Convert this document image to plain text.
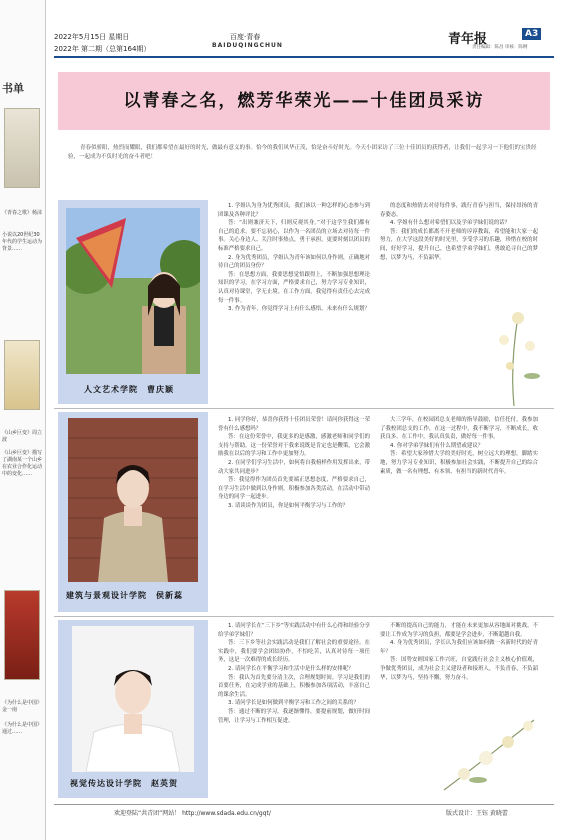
书单
《青春之歌》杨沫
小说以20世纪30年代的学生运动为背景……
《山乡巨变》周立波
《山乡巨变》描写了湖南某一个山乡在农业合作化运动中的变化……
《为什么是中国》金一南
《为什么是中国》通过……
2022年5月15日 星期日
2022年 第二期（总第164期）
百度·青春
BAIDUQINGCHUN	青年报	A3
责任编辑：陈昌 审核：陈纲
以青春之名，燃芳华荣光——十佳团员采访
青春似骄阳，热烈而耀眼，我们都希望在最好的时光，做最有意义的事。恰今的我们风华正茂，恰是奋斗好时光。今天小团采访了三位十佳团员的获得者，让我们一起学习一下他们的宝贵经验，一起成为不负时光的奋斗者吧！
人文艺术学院　曹庆颖

1. 学姐认为身为优秀团员，我们该以一种怎样的心态参与到团课及各种评比？

答：“出则兼济天下，归则反观其身。”对于这学生我们都有自己的追求，要不忘初心，以作为一名团员的立场去对待每一件事。关心身边人、关注时事热点，勇于承担，更要时刻以团员的标准严格要求自己。

2. 身为优秀团员，学姐认为青年该如何以身作则，正确地对待自己的团员身份？

答：在思想方面，我要思想觉悟跟得上，不断加强思想理论知识的学习，在学习方面，严格要求自己，努力学习专业知识，认真对待课堂，学无止境。在工作方面，我觉得有责任心去完成每一件事。

3. 作为青年，你觉得学习上有什么感悟，未来有什么规划？

的态度和热情去对待每件事，践行青春与担当，保持昂扬的青春姿态。

4. 学姐有什么想对希望们以及学弟学妹们说的话？

答：我们的成长都离不开老师的谆谆教诲，希望能和大家一起努力，在大学这段美好的时光里，享受学习的乐趣，珍惜在校的时间，好好学习，提升自己，也希望学弟学妹们，勇敢追寻自己的梦想，以梦为马，不负韶华。

建筑与景观设计学院　侯新蕊

1. 同学你好，恭喜你获得十佳团员荣誉！请问你获得这一荣誉有什么感想吗？

答：在这份荣誉中，我更多的是感激，感激老师和同学们的支持与帮助。这一份荣誉对于我来说既是肯定也是鞭策，它会激励我在以后的学习和工作中更加努力。

2. 在同学们学习生活中，如何将自我榜样作用发挥出来，带动大家共同进步？

答：我觉得作为团员首先要端正思想态度，严格要求自己，在学习生活中做到以身作则。积极参加各类活动，在活动中带动身边的同学一起进步。

3. 请谈谈作为团员，你是如何平衡学习与工作的？

大三学年，在校园团总支老师的指导鼓励，信任托付，我参加了我校团总支的工作，在这一过程中，我不断学习，不断成长，收获良多。在工作中，我认真负责，做好每一件事。

4. 你对学弟学妹们有什么期望或建议？

答：希望大家珍惜大学的美好时光，树立远大的理想，脚踏实地，努力学习专业知识，积极参加社会实践，不断提升自己的综合素质，做一名有理想、有本领、有担当的新时代青年。

视觉传达设计学院　赵英贺

1. 请问学长在“三下乡”等实践活动中有什么心得和经验分享给学弟学妹们？

答：三下乡等社会实践活动是我们了解社会的重要途径。在实践中，我们要学会团结协作，不怕吃苦，认真对待每一项任务，这是一次难得的成长经历。

2. 请问学长在平衡学习和生活中是什么样的安排呢？

答：我认为首先要分清主次，合理规划时间。学习是我们的首要任务，在完成学业的基础上，积极参加各项活动，丰富自己的课余生活。

3. 请问学长是如何做到平衡学习和工作之间的关系的？

答：通过不断的学习，我逐渐懂得，要提前规划，做好时间管理，让学习与工作相互促进。

不断的提高自己的能力，才能在未来更加从容地面对挑战。不要让工作成为学习的负担，都要是学会进步，不断超越自我。

4. 身为优秀团员，学长认为我们应该如何做一名新时代的好青年？

答：国势安则国家工作兴旺，自觉践行社会主义核心价值观，争做优秀团员，成为社会主义建设者和接班人，不负青春，不负韶华，以梦为马，坚持不懈，努力奋斗。

欢迎登陆“共青团”网站！ http://www.sdada.edu.cn/gqt/	版式设计：王钰 黄晓蕾
